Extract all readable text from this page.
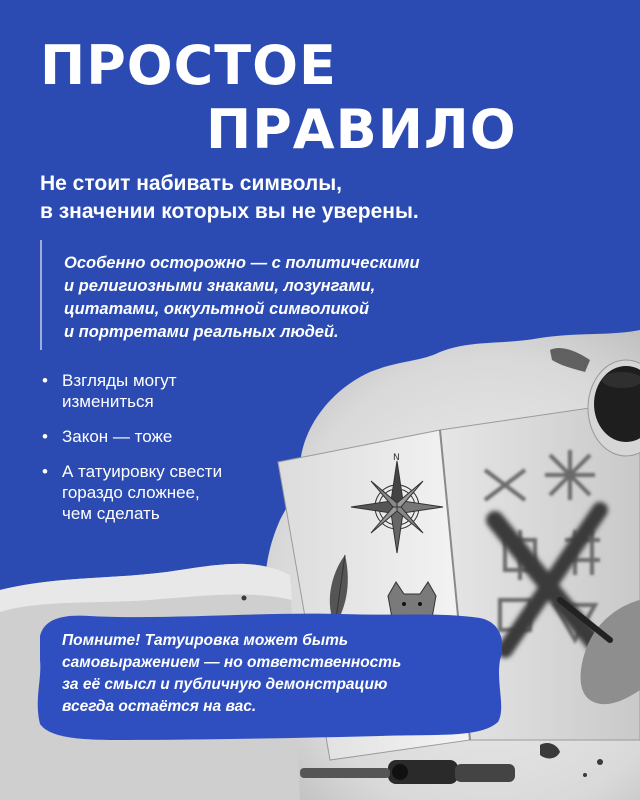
N
ПРОСТОЕ
ПРАВИЛО
Не стоит набивать символы,
в значении которых вы не уверены.
Особенно осторожно — с политическими
и религиозными знаками, лозунгами,
цитатами, оккультной символикой
и портретами реальных людей.
• Взгляды могут
измениться
• Закон — тоже
• А татуировку свести
гораздо сложнее,
чем сделать
Помните! Татуировка может быть
самовыражением — но ответственность
за её смысл и публичную демонстрацию
всегда остаётся на вас.
